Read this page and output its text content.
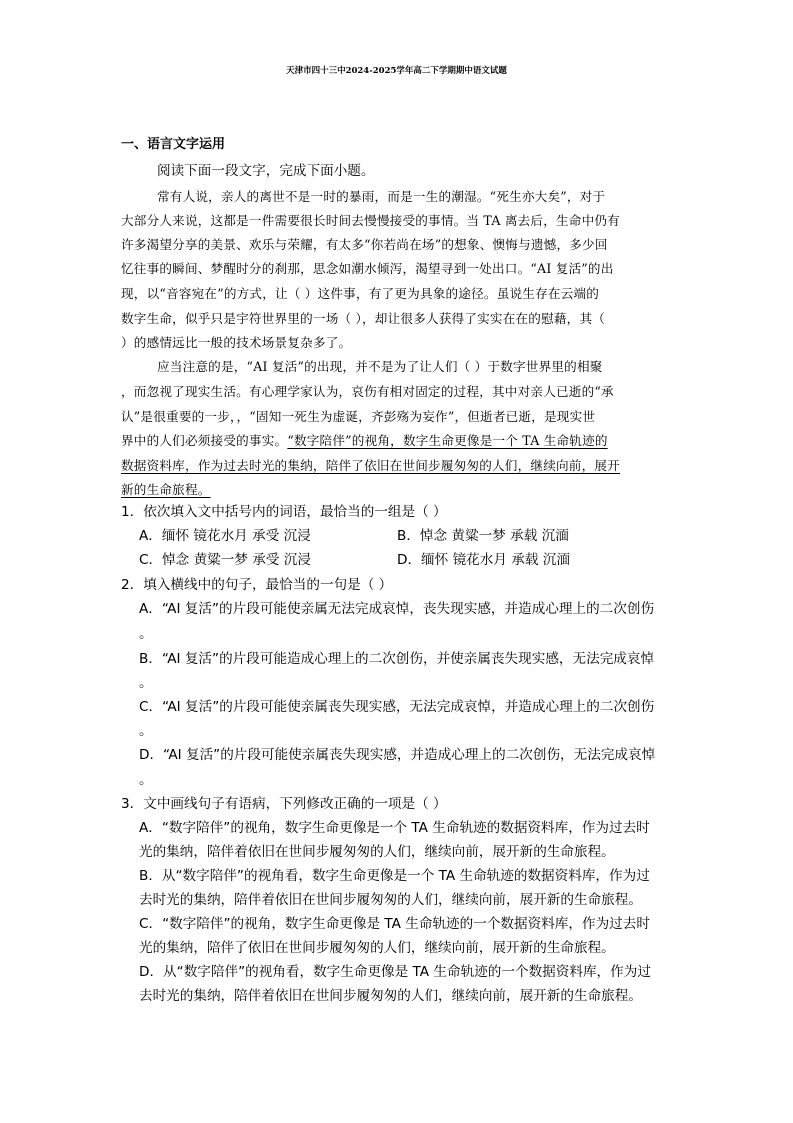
天津市四十三中2024-2025学年高二下学期期中语文试题
一、语言文字运用
阅读下面一段文字，完成下面小题。
常有人说，亲人的离世不是一时的暴雨，而是一生的潮湿。“死生亦大矣”，对于
大部分人来说，这都是一件需要很长时间去慢慢接受的事情。当 TA 离去后，生命中仍有
许多渴望分享的美景、欢乐与荣耀，有太多“你若尚在场”的想象、懊悔与遗憾，多少回
忆往事的瞬间、梦醒时分的刹那，思念如潮水倾泻，渴望寻到一处出口。“AI 复活”的出
现，以“音容宛在”的方式，让（ ）这件事，有了更为具象的途径。虽说生存在云端的
数字生命，似乎只是宇符世界里的一场（ ），却让很多人获得了实实在在的慰藉，其（
）的感情远比一般的技术场景复杂多了。
应当注意的是，“AI 复活”的出现，并不是为了让人们（ ）于数字世界里的相聚
，而忽视了现实生活。有心理学家认为，哀伤有相对固定的过程，其中对亲人已逝的“承
认”是很重要的一步，，“固知一死生为虚诞，齐彭殇为妄作”，但逝者已逝，是现实世
界中的人们必须接受的事实。“数字陪伴”的视角，数字生命更像是一个 TA 生命轨迹的
数据资料库，作为过去时光的集纳，陪伴了依旧在世间步履匆匆的人们，继续向前，展开
新的生命旅程。
1．依次填入文中括号内的词语，最恰当的一组是（ ）
A．缅怀 镜花水月 承受 沉浸	B．悼念 黄粱一梦 承载 沉湎
C．悼念 黄粱一梦 承受 沉浸	D．缅怀 镜花水月 承载 沉湎
2．填入横线中的句子，最恰当的一句是（ ）
A．“AI 复活”的片段可能使亲属无法完成哀悼，丧失现实感，并造成心理上的二次创伤
。
B．“AI 复活”的片段可能造成心理上的二次创伤，并使亲属丧失现实感，无法完成哀悼
。
C．“AI 复活”的片段可能使亲属丧失现实感，无法完成哀悼，并造成心理上的二次创伤
。
D．“AI 复活”的片段可能使亲属丧失现实感，并造成心理上的二次创伤，无法完成哀悼
。
3．文中画线句子有语病，下列修改正确的一项是（ ）
A．“数字陪伴”的视角，数字生命更像是一个 TA 生命轨迹的数据资料库，作为过去时
光的集纳，陪伴着依旧在世间步履匆匆的人们，继续向前，展开新的生命旅程。
B．从“数字陪伴”的视角看，数字生命更像是一个 TA 生命轨迹的数据资料库，作为过
去时光的集纳，陪伴着依旧在世间步履匆匆的人们，继续向前，展开新的生命旅程。
C．“数字陪伴”的视角，数字生命更像是 TA 生命轨迹的一个数据资料库，作为过去时
光的集纳，陪伴了依旧在世间步履匆匆的人们，继续向前，展开新的生命旅程。
D．从“数字陪伴”的视角看，数字生命更像是 TA 生命轨迹的一个数据资料库，作为过
去时光的集纳，陪伴着依旧在世间步履匆匆的人们，继续向前，展开新的生命旅程。
